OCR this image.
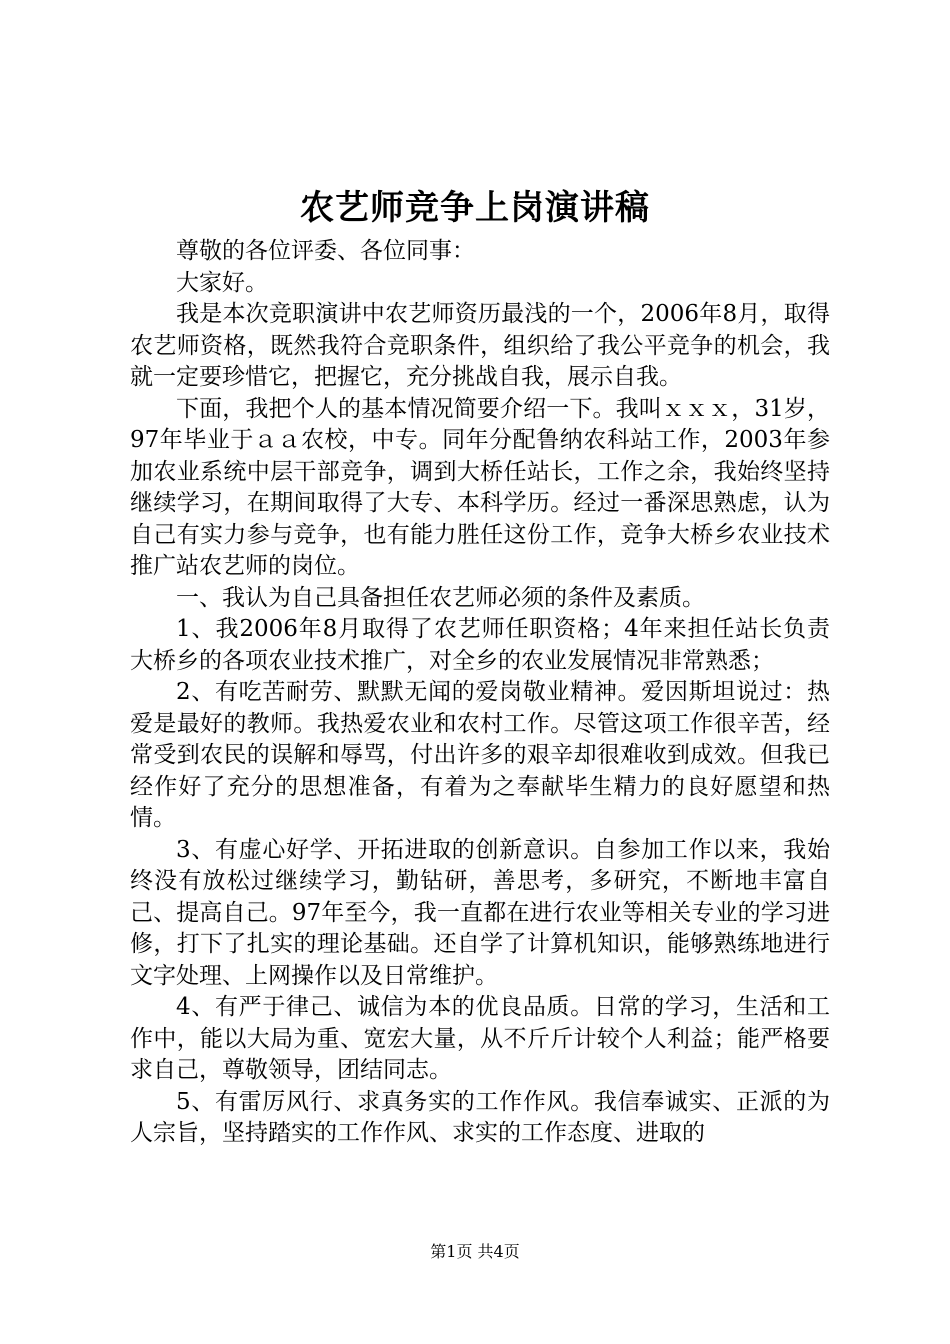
农艺师竞争上岗演讲稿

尊敬的各位评委、各位同事：

大家好。

我是本次竞职演讲中农艺师资历最浅的一个，2006年8月，取得农艺师资格，既然我符合竞职条件，组织给了我公平竞争的机会，我就一定要珍惜它，把握它，充分挑战自我，展示自我。

下面，我把个人的基本情况简要介绍一下。我叫ｘｘｘ，31岁，97年毕业于ａａ农校，中专。同年分配鲁纳农科站工作，2003年参加农业系统中层干部竞争，调到大桥任站长，工作之余，我始终坚持继续学习，在期间取得了大专、本科学历。经过一番深思熟虑，认为自己有实力参与竞争，也有能力胜任这份工作，竞争大桥乡农业技术推广站农艺师的岗位。

一、我认为自己具备担任农艺师必须的条件及素质。

1、我2006年8月取得了农艺师任职资格；4年来担任站长负责大桥乡的各项农业技术推广，对全乡的农业发展情况非常熟悉；

2、有吃苦耐劳、默默无闻的爱岗敬业精神。爱因斯坦说过：热爱是最好的教师。我热爱农业和农村工作。尽管这项工作很辛苦，经常受到农民的误解和辱骂，付出许多的艰辛却很难收到成效。但我已经作好了充分的思想准备，有着为之奉献毕生精力的良好愿望和热情。

3、有虚心好学、开拓进取的创新意识。自参加工作以来，我始终没有放松过继续学习，勤钻研，善思考，多研究，不断地丰富自己、提高自己。97年至今，我一直都在进行农业等相关专业的学习进修，打下了扎实的理论基础。还自学了计算机知识，能够熟练地进行文字处理、上网操作以及日常维护。

4、有严于律己、诚信为本的优良品质。日常的学习，生活和工作中，能以大局为重、宽宏大量，从不斤斤计较个人利益；能严格要求自己，尊敬领导，团结同志。

5、有雷厉风行、求真务实的工作作风。我信奉诚实、正派的为人宗旨，坚持踏实的工作作风、求实的工作态度、进取的

第1页 共4页
